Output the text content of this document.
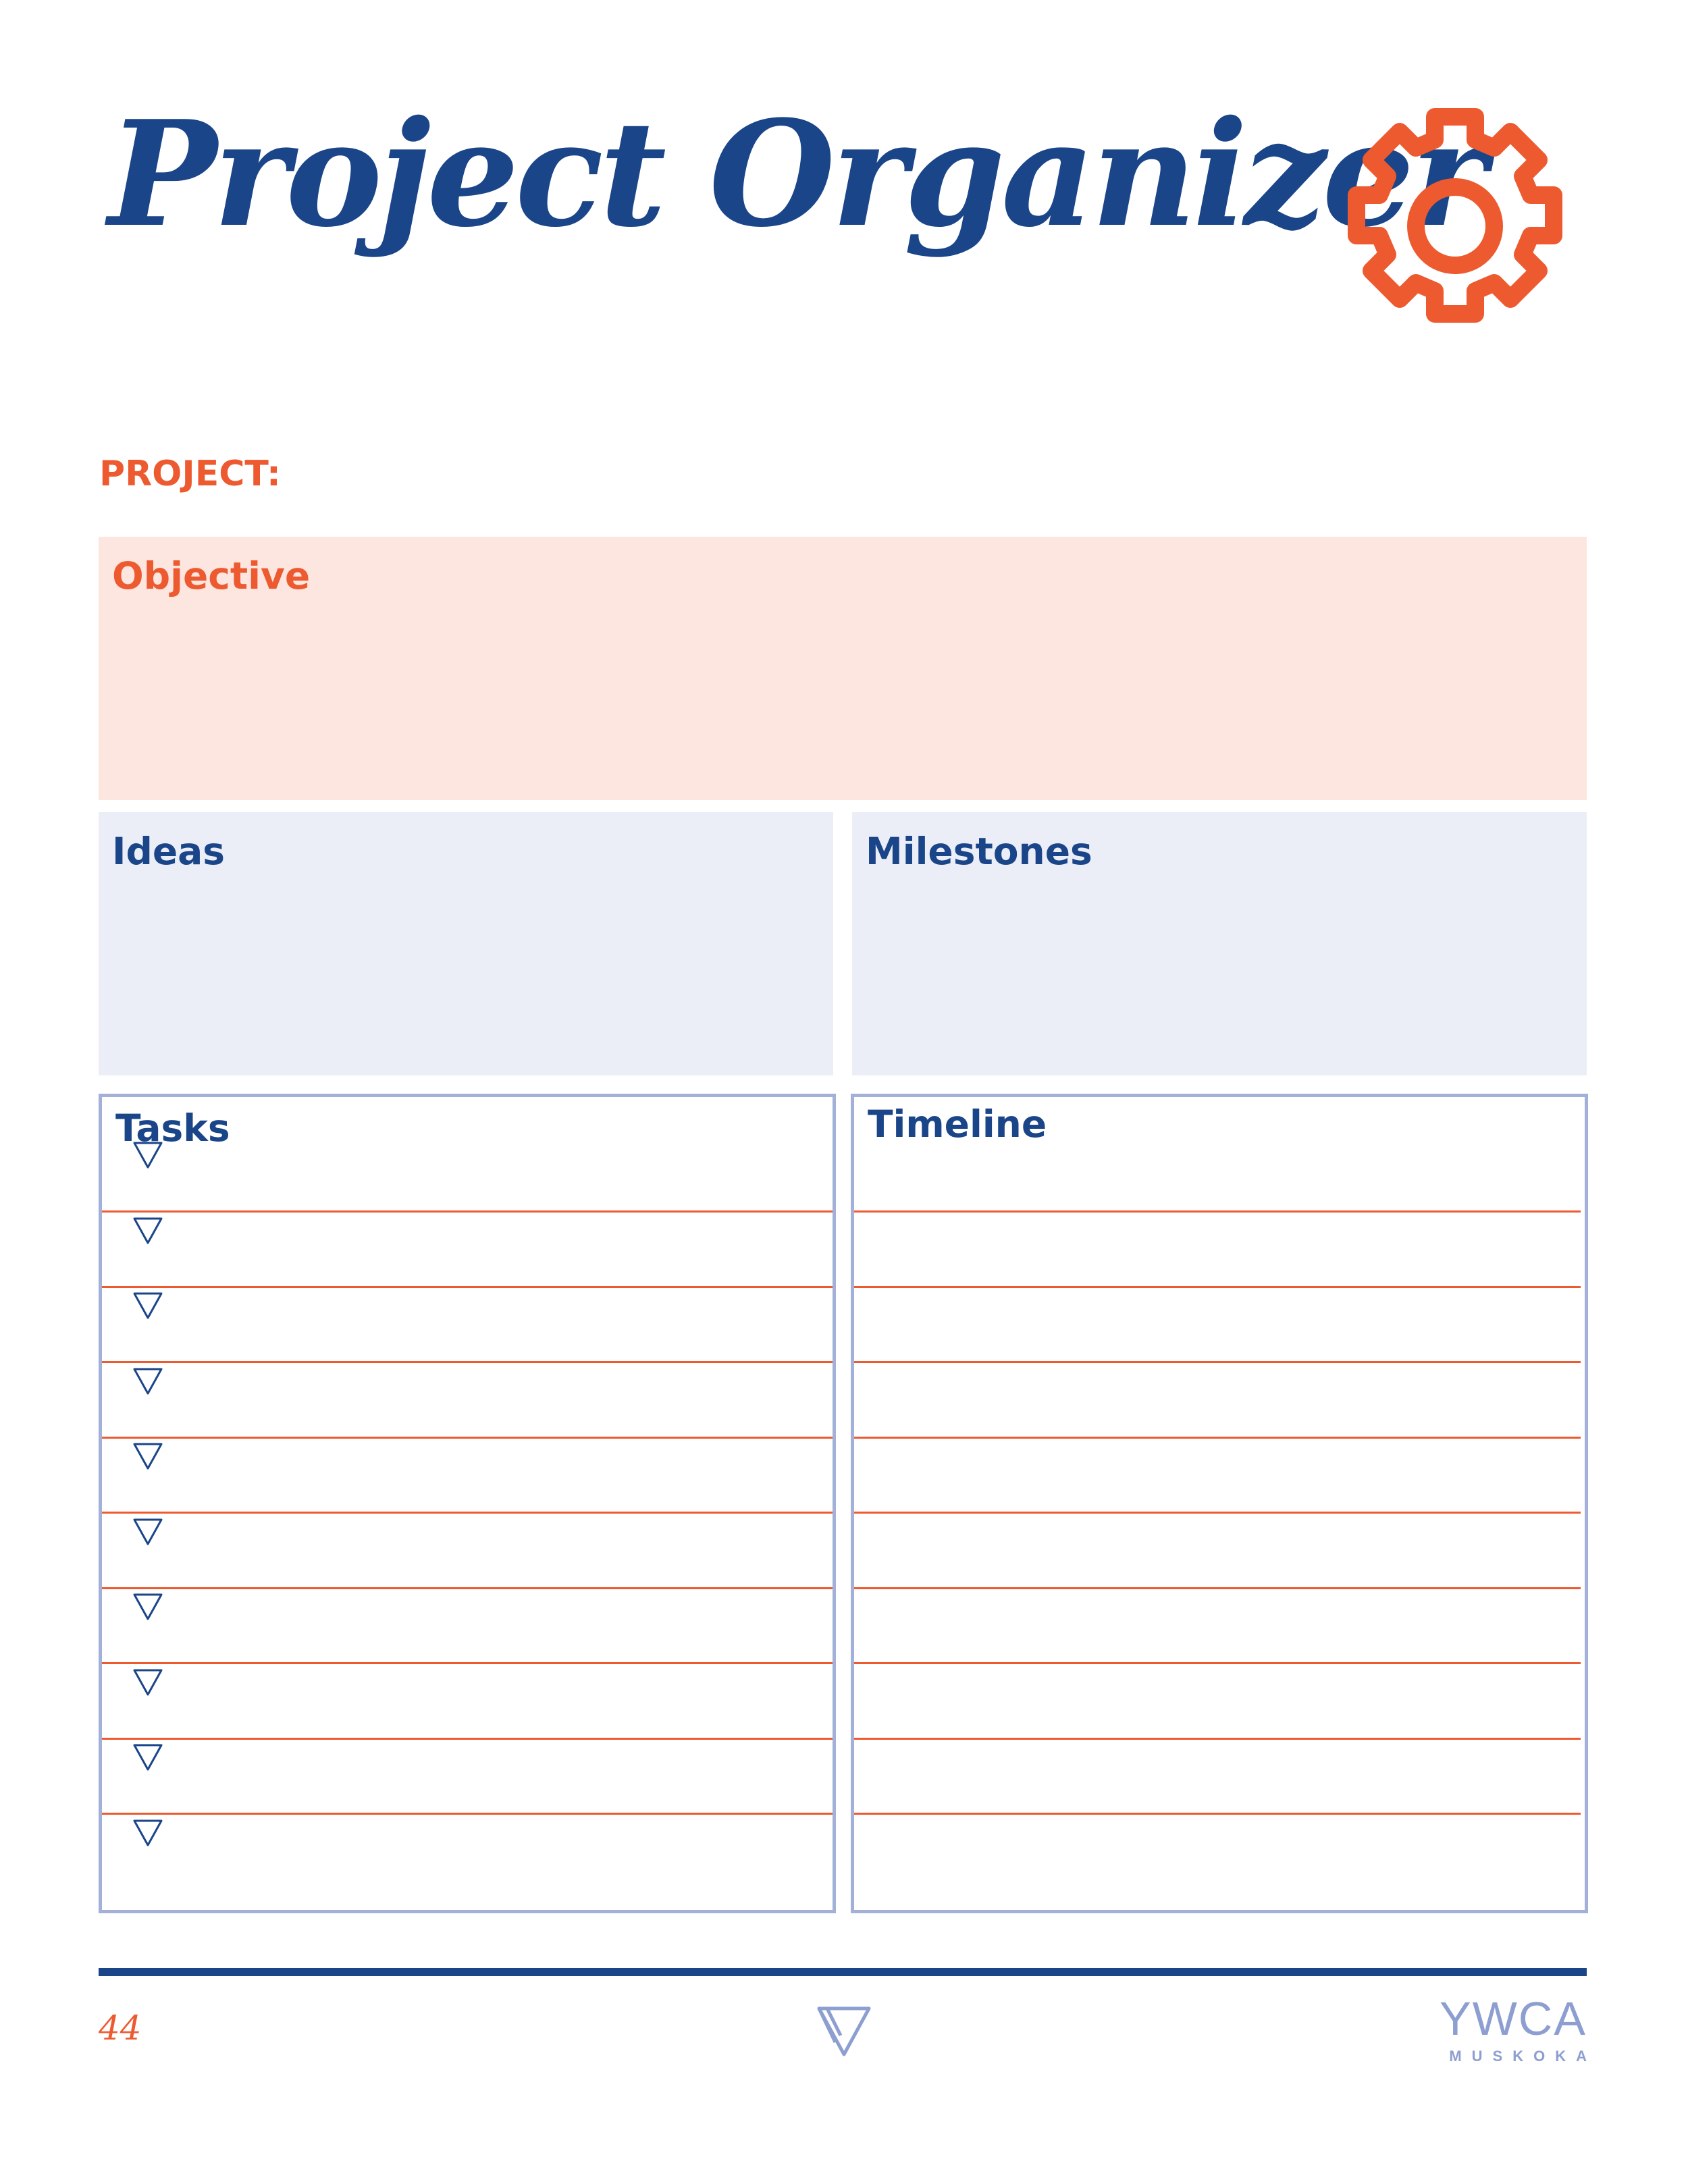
Project Organizer
PROJECT:
Objective
Ideas	Milestones
Tasks	Timeline
44	YWCA
MUSKOKA
